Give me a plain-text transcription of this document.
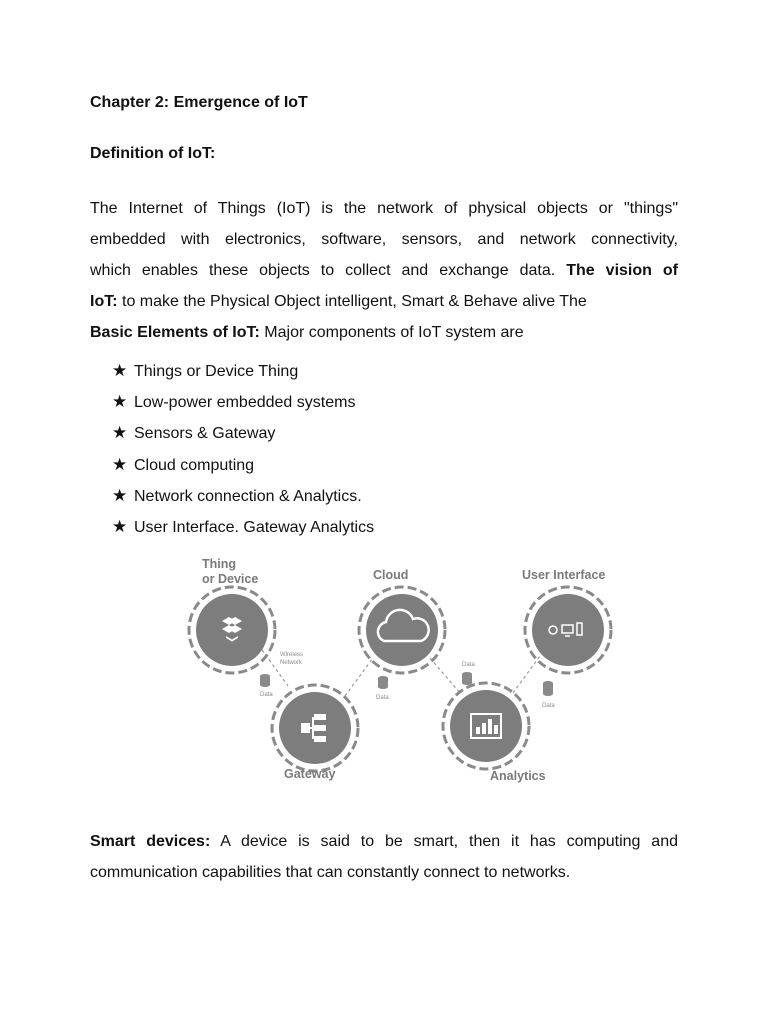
Chapter 2: Emergence of IoT
Definition of IoT:
The Internet of Things (IoT) is the network of physical objects or "things"
embedded with electronics, software, sensors, and network connectivity,
which enables these objects to collect and exchange data. The vision of
IoT: to make the Physical Object intelligent, Smart & Behave alive The
Basic Elements of IoT: Major components of IoT system are
★ Things or Device Thing
★ Low-power embedded systems
★ Sensors & Gateway
★ Cloud computing
★ Network connection & Analytics.
★ User Interface. Gateway Analytics
Thing
or Device	Cloud	User Interface
Gateway	Analytics
Wireless
Network
Data	Data
Data
Data
Smart devices: A device is said to be smart, then it has computing and
communication capabilities that can constantly connect to networks.
